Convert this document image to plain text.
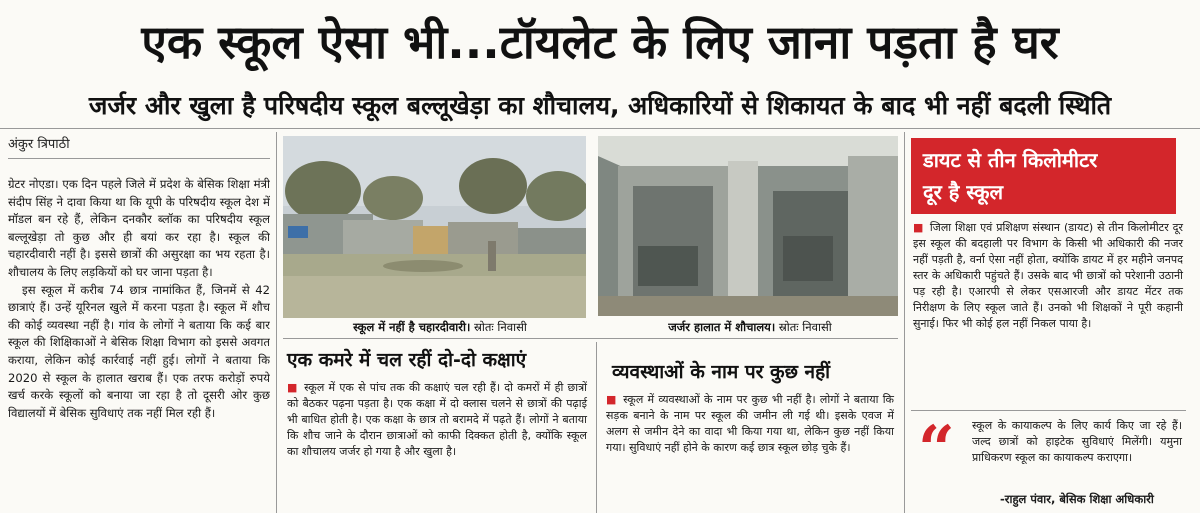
एक स्कूल ऐसा भी...टॉयलेट के लिए जाना पड़ता है घर
जर्जर और खुला है परिषदीय स्कूल बल्लूखेड़ा का शौचालय, अधिकारियों से शिकायत के बाद भी नहीं बदली स्थिति
अंकुर त्रिपाठी

ग्रेटर नोएडा। एक दिन पहले जिले में प्रदेश के बेसिक शिक्षा मंत्री संदीप सिंह ने दावा किया था कि यूपी के परिषदीय स्कूल देश में मॉडल बन रहे हैं, लेकिन दनकौर ब्लॉक का परिषदीय स्कूल बल्लूखेड़ा तो कुछ और ही बयां कर रहा है। स्कूल की चहारदीवारी नहीं है। इससे छात्रों की असुरक्षा का भय रहता है। शौचालय के लिए लड़कियों को घर जाना पड़ता है।

इस स्कूल में करीब 74 छात्र नामांकित हैं, जिनमें से 42 छात्राएं हैं। उन्हें यूरिनल खुले में करना पड़ता है। स्कूल में शौच की कोई व्यवस्था नहीं है। गांव के लोगों ने बताया कि कई बार स्कूल की शिक्षिकाओं ने बेसिक शिक्षा विभाग को इससे अवगत कराया, लेकिन कोई कार्रवाई नहीं हुई। लोगों ने बताया कि 2020 से स्कूल के हालात खराब हैं। एक तरफ करोड़ों रुपये खर्च करके स्कूलों को बनाया जा रहा है तो दूसरी ओर कुछ विद्यालयों में बेसिक सुविधाएं तक नहीं मिल रही हैं।

स्कूल में नहीं है चहारदीवारी। स्रोतः निवासी	जर्जर हालात में शौचालय। स्रोतः निवासी
एक कमरे में चल रहीं दो-दो कक्षाएं
■ स्कूल में एक से पांच तक की कक्षाएं चल रही हैं। दो कमरों में ही छात्रों को बैठकर पढ़ना पड़ता है। एक कक्षा में दो क्लास चलने से छात्रों की पढ़ाई भी बाधित होती है। एक कक्षा के छात्र तो बरामदे में पढ़ते हैं। लोगों ने बताया कि शौच जाने के दौरान छात्राओं को काफी दिक्कत होती है, क्योंकि स्कूल का शौचालय जर्जर हो गया है और खुला है।
व्यवस्थाओं के नाम पर कुछ नहीं
■ स्कूल में व्यवस्थाओं के नाम पर कुछ भी नहीं है। लोगों ने बताया कि सड़क बनाने के नाम पर स्कूल की जमीन ली गई थी। इसके एवज में अलग से जमीन देने का वादा भी किया गया था, लेकिन कुछ नहीं किया गया। सुविधाएं नहीं होने के कारण कई छात्र स्कूल छोड़ चुके हैं।
डायट से तीन किलोमीटर
दूर है स्कूल
■ जिला शिक्षा एवं प्रशिक्षण संस्थान (डायट) से तीन किलोमीटर दूर इस स्कूल की बदहाली पर विभाग के किसी भी अधिकारी की नजर नहीं पड़ती है, वर्ना ऐसा नहीं होता, क्योंकि डायट में हर महीने जनपद स्तर के अधिकारी पहुंचते हैं। उसके बाद भी छात्रों को परेशानी उठानी पड़ रही है। एआरपी से लेकर एसआरजी और डायट मेंटर तक निरीक्षण के लिए स्कूल जाते हैं। उनको भी शिक्षकों ने पूरी कहानी सुनाई। फिर भी कोई हल नहीं निकल पाया है।
“ स्कूल के कायाकल्प के लिए कार्य किए जा रहे हैं। जल्द छात्रों को हाइटेक सुविधाएं मिलेंगी। यमुना प्राधिकरण स्कूल का कायाकल्प कराएगा।
-राहुल पंवार, बेसिक शिक्षा अधिकारी
